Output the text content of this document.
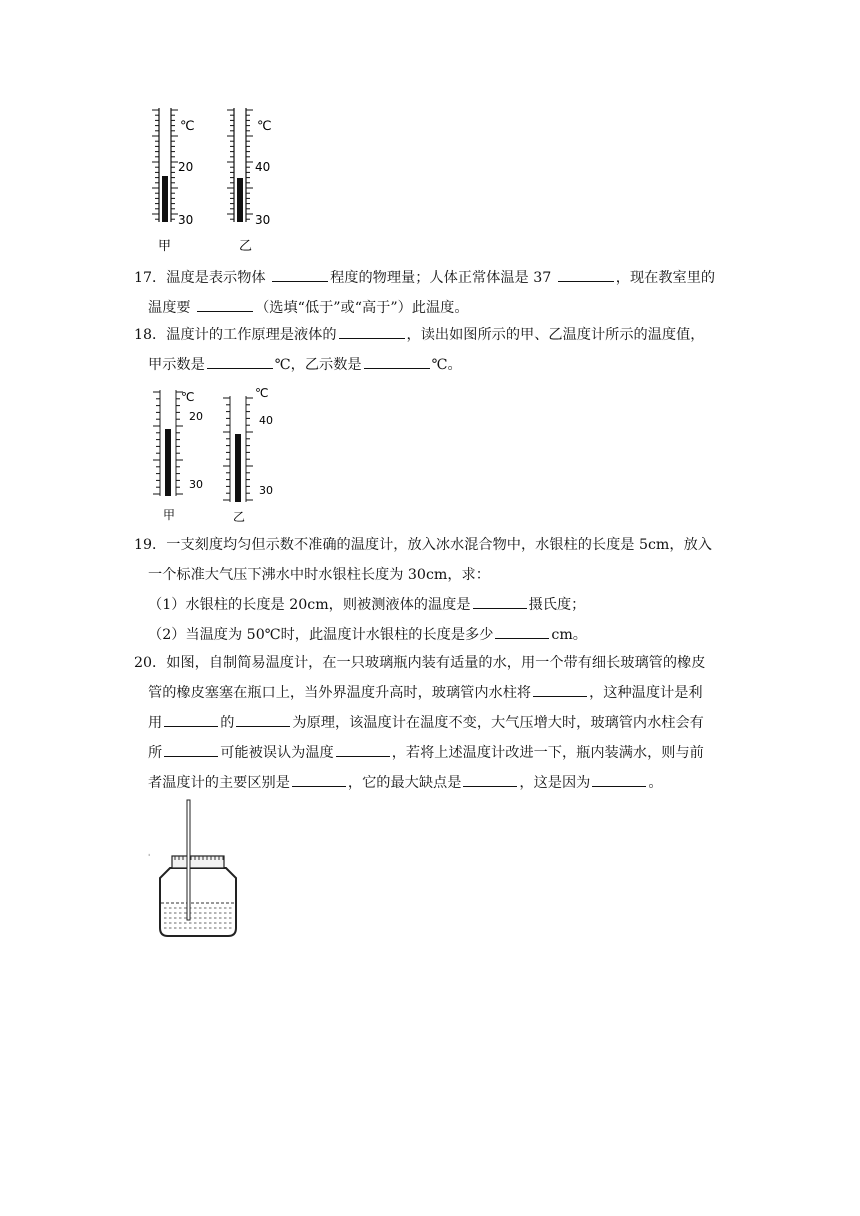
℃
20
30
甲
℃
40
30
乙
17．温度是表示物体	程度的物理量；人体正常体温是 37	，现在教室里的
温度要	（选填“低于”或“高于”）此温度。
18．温度计的工作原理是液体的	，读出如图所示的甲、乙温度计所示的温度值，
甲示数是	℃，乙示数是	℃。
℃
20
30
甲
℃
40
30
乙
19．一支刻度均匀但示数不准确的温度计，放入冰水混合物中，水银柱的长度是 5cm，放入
一个标准大气压下沸水中时水银柱长度为 30cm，求：
（1）水银柱的长度是 20cm，则被测液体的温度是	摄氏度；
（2）当温度为 50℃时，此温度计水银柱的长度是多少	cm。
20．如图，自制简易温度计，在一只玻璃瓶内装有适量的水，用一个带有细长玻璃管的橡皮
管的橡皮塞塞在瓶口上，当外界温度升高时，玻璃管内水柱将	，这种温度计是利
用	的	为原理，该温度计在温度不变，大气压增大时，玻璃管内水柱会有
所	可能被误认为温度	，若将上述温度计改进一下，瓶内装满水，则与前
者温度计的主要区别是	，它的最大缺点是	，这是因为	。
ˈ
